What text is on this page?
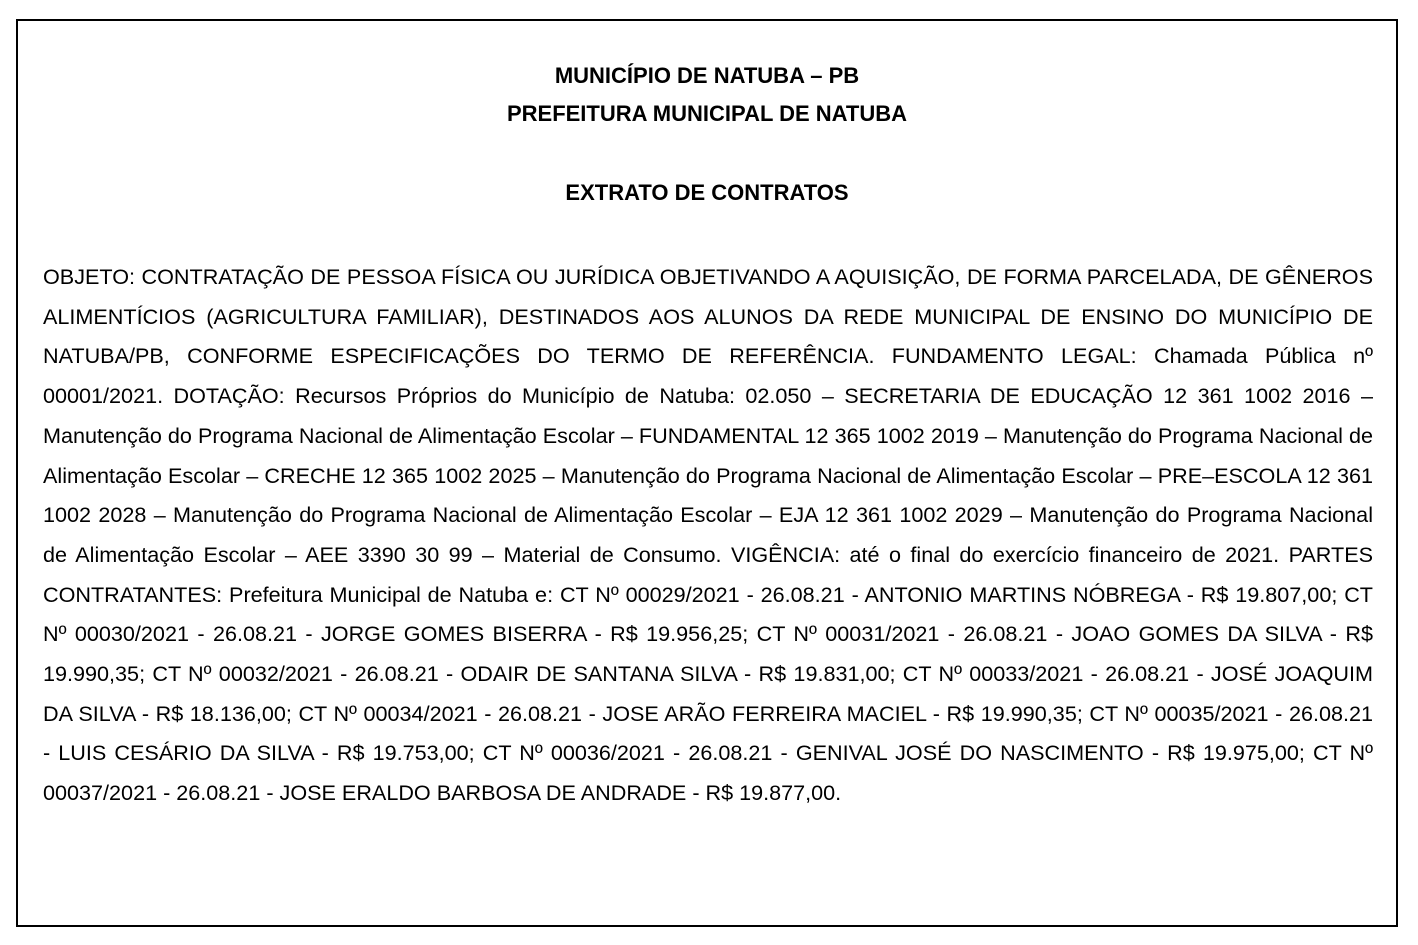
MUNICÍPIO DE NATUBA – PB
PREFEITURA MUNICIPAL DE NATUBA
EXTRATO DE CONTRATOS

OBJETO: CONTRATAÇÃO DE PESSOA FÍSICA OU JURÍDICA OBJETIVANDO A AQUISIÇÃO, DE FORMA PARCELADA, DE GÊNEROS ALIMENTÍCIOS (AGRICULTURA FAMILIAR), DESTINADOS AOS ALUNOS DA REDE MUNICIPAL DE ENSINO DO MUNICÍPIO DE NATUBA/PB, CONFORME ESPECIFICAÇÕES DO TERMO DE REFERÊNCIA. FUNDAMENTO LEGAL: Chamada Pública nº 00001/2021. DOTAÇÃO: Recursos Próprios do Município de Natuba: 02.050 – SECRETARIA DE EDUCAÇÃO 12 361 1002 2016 – Manutenção do Programa Nacional de Alimentação Escolar – FUNDAMENTAL 12 365 1002 2019 – Manutenção do Programa Nacional de Alimentação Escolar – CRECHE 12 365 1002 2025 – Manutenção do Programa Nacional de Alimentação Escolar – PRE–ESCOLA 12 361 1002 2028 – Manutenção do Programa Nacional de Alimentação Escolar – EJA 12 361 1002 2029 – Manutenção do Programa Nacional de Alimentação Escolar – AEE 3390 30 99 – Material de Consumo. VIGÊNCIA: até o final do exercício financeiro de 2021. PARTES CONTRATANTES: Prefeitura Municipal de Natuba e: CT Nº 00029/2021 - 26.08.21 - ANTONIO MARTINS NÓBREGA - R$ 19.807,00; CT Nº 00030/2021 - 26.08.21 - JORGE GOMES BISERRA - R$ 19.956,25; CT Nº 00031/2021 - 26.08.21 - JOAO GOMES DA SILVA - R$ 19.990,35; CT Nº 00032/2021 - 26.08.21 - ODAIR DE SANTANA SILVA - R$ 19.831,00; CT Nº 00033/2021 - 26.08.21 - JOSÉ JOAQUIM DA SILVA - R$ 18.136,00; CT Nº 00034/2021 - 26.08.21 - JOSE ARÃO FERREIRA MACIEL - R$ 19.990,35; CT Nº 00035/2021 - 26.08.21 - LUIS CESÁRIO DA SILVA - R$ 19.753,00; CT Nº 00036/2021 - 26.08.21 - GENIVAL JOSÉ DO NASCIMENTO - R$ 19.975,00; CT Nº 00037/2021 - 26.08.21 - JOSE ERALDO BARBOSA DE ANDRADE - R$ 19.877,00.
